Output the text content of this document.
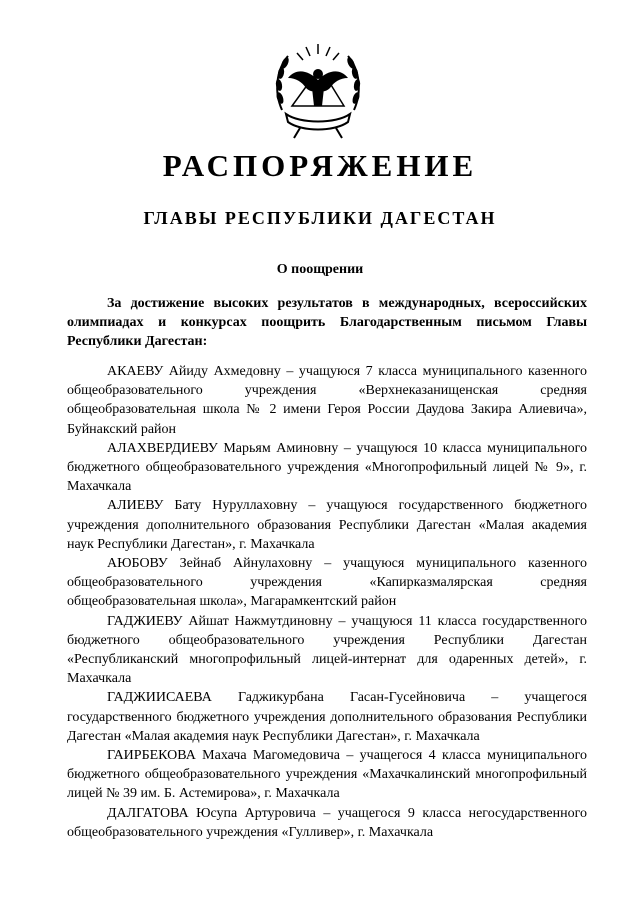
РАСПОРЯЖЕНИЕ
ГЛАВЫ РЕСПУБЛИКИ ДАГЕСТАН
О поощрении

За достижение высоких результатов в международных, всероссийских олимпиадах и конкурсах поощрить Благодарственным письмом Главы Республики Дагестан:

АКАЕВУ Айиду Ахмедовну – учащуюся 7 класса муниципального казенного общеобразовательного учреждения «Верхнеказанищенская средняя общеобразовательная школа № 2 имени Героя России Даудова Закира Алиевича», Буйнакский район

АЛАХВЕРДИЕВУ Марьям Аминовну – учащуюся 10 класса муниципального бюджетного общеобразовательного учреждения «Многопрофильный лицей № 9», г. Махачкала

АЛИЕВУ Бату Нуруллаховну – учащуюся государственного бюджетного учреждения дополнительного образования Республики Дагестан «Малая академия наук Республики Дагестан», г. Махачкала

АЮБОВУ Зейнаб Айнулаховну – учащуюся муниципального казенного общеобразовательного учреждения «Капирказмалярская средняя общеобразовательная школа», Магарамкентский район

ГАДЖИЕВУ Айшат Нажмутдиновну – учащуюся 11 класса государственного бюджетного общеобразовательного учреждения Республики Дагестан «Республиканский многопрофильный лицей-интернат для одаренных детей», г. Махачкала

ГАДЖИИСАЕВА Гаджикурбана Гасан-Гусейновича – учащегося государственного бюджетного учреждения дополнительного образования Республики Дагестан «Малая академия наук Республики Дагестан», г. Махачкала

ГАИРБЕКОВА Махача Магомедовича – учащегося 4 класса муниципального бюджетного общеобразовательного учреждения «Махачкалинский многопрофильный лицей № 39 им. Б. Астемирова», г. Махачкала

ДАЛГАТОВА Юсупа Артуровича – учащегося 9 класса негосударственного общеобразовательного учреждения «Гулливер», г. Махачкала
